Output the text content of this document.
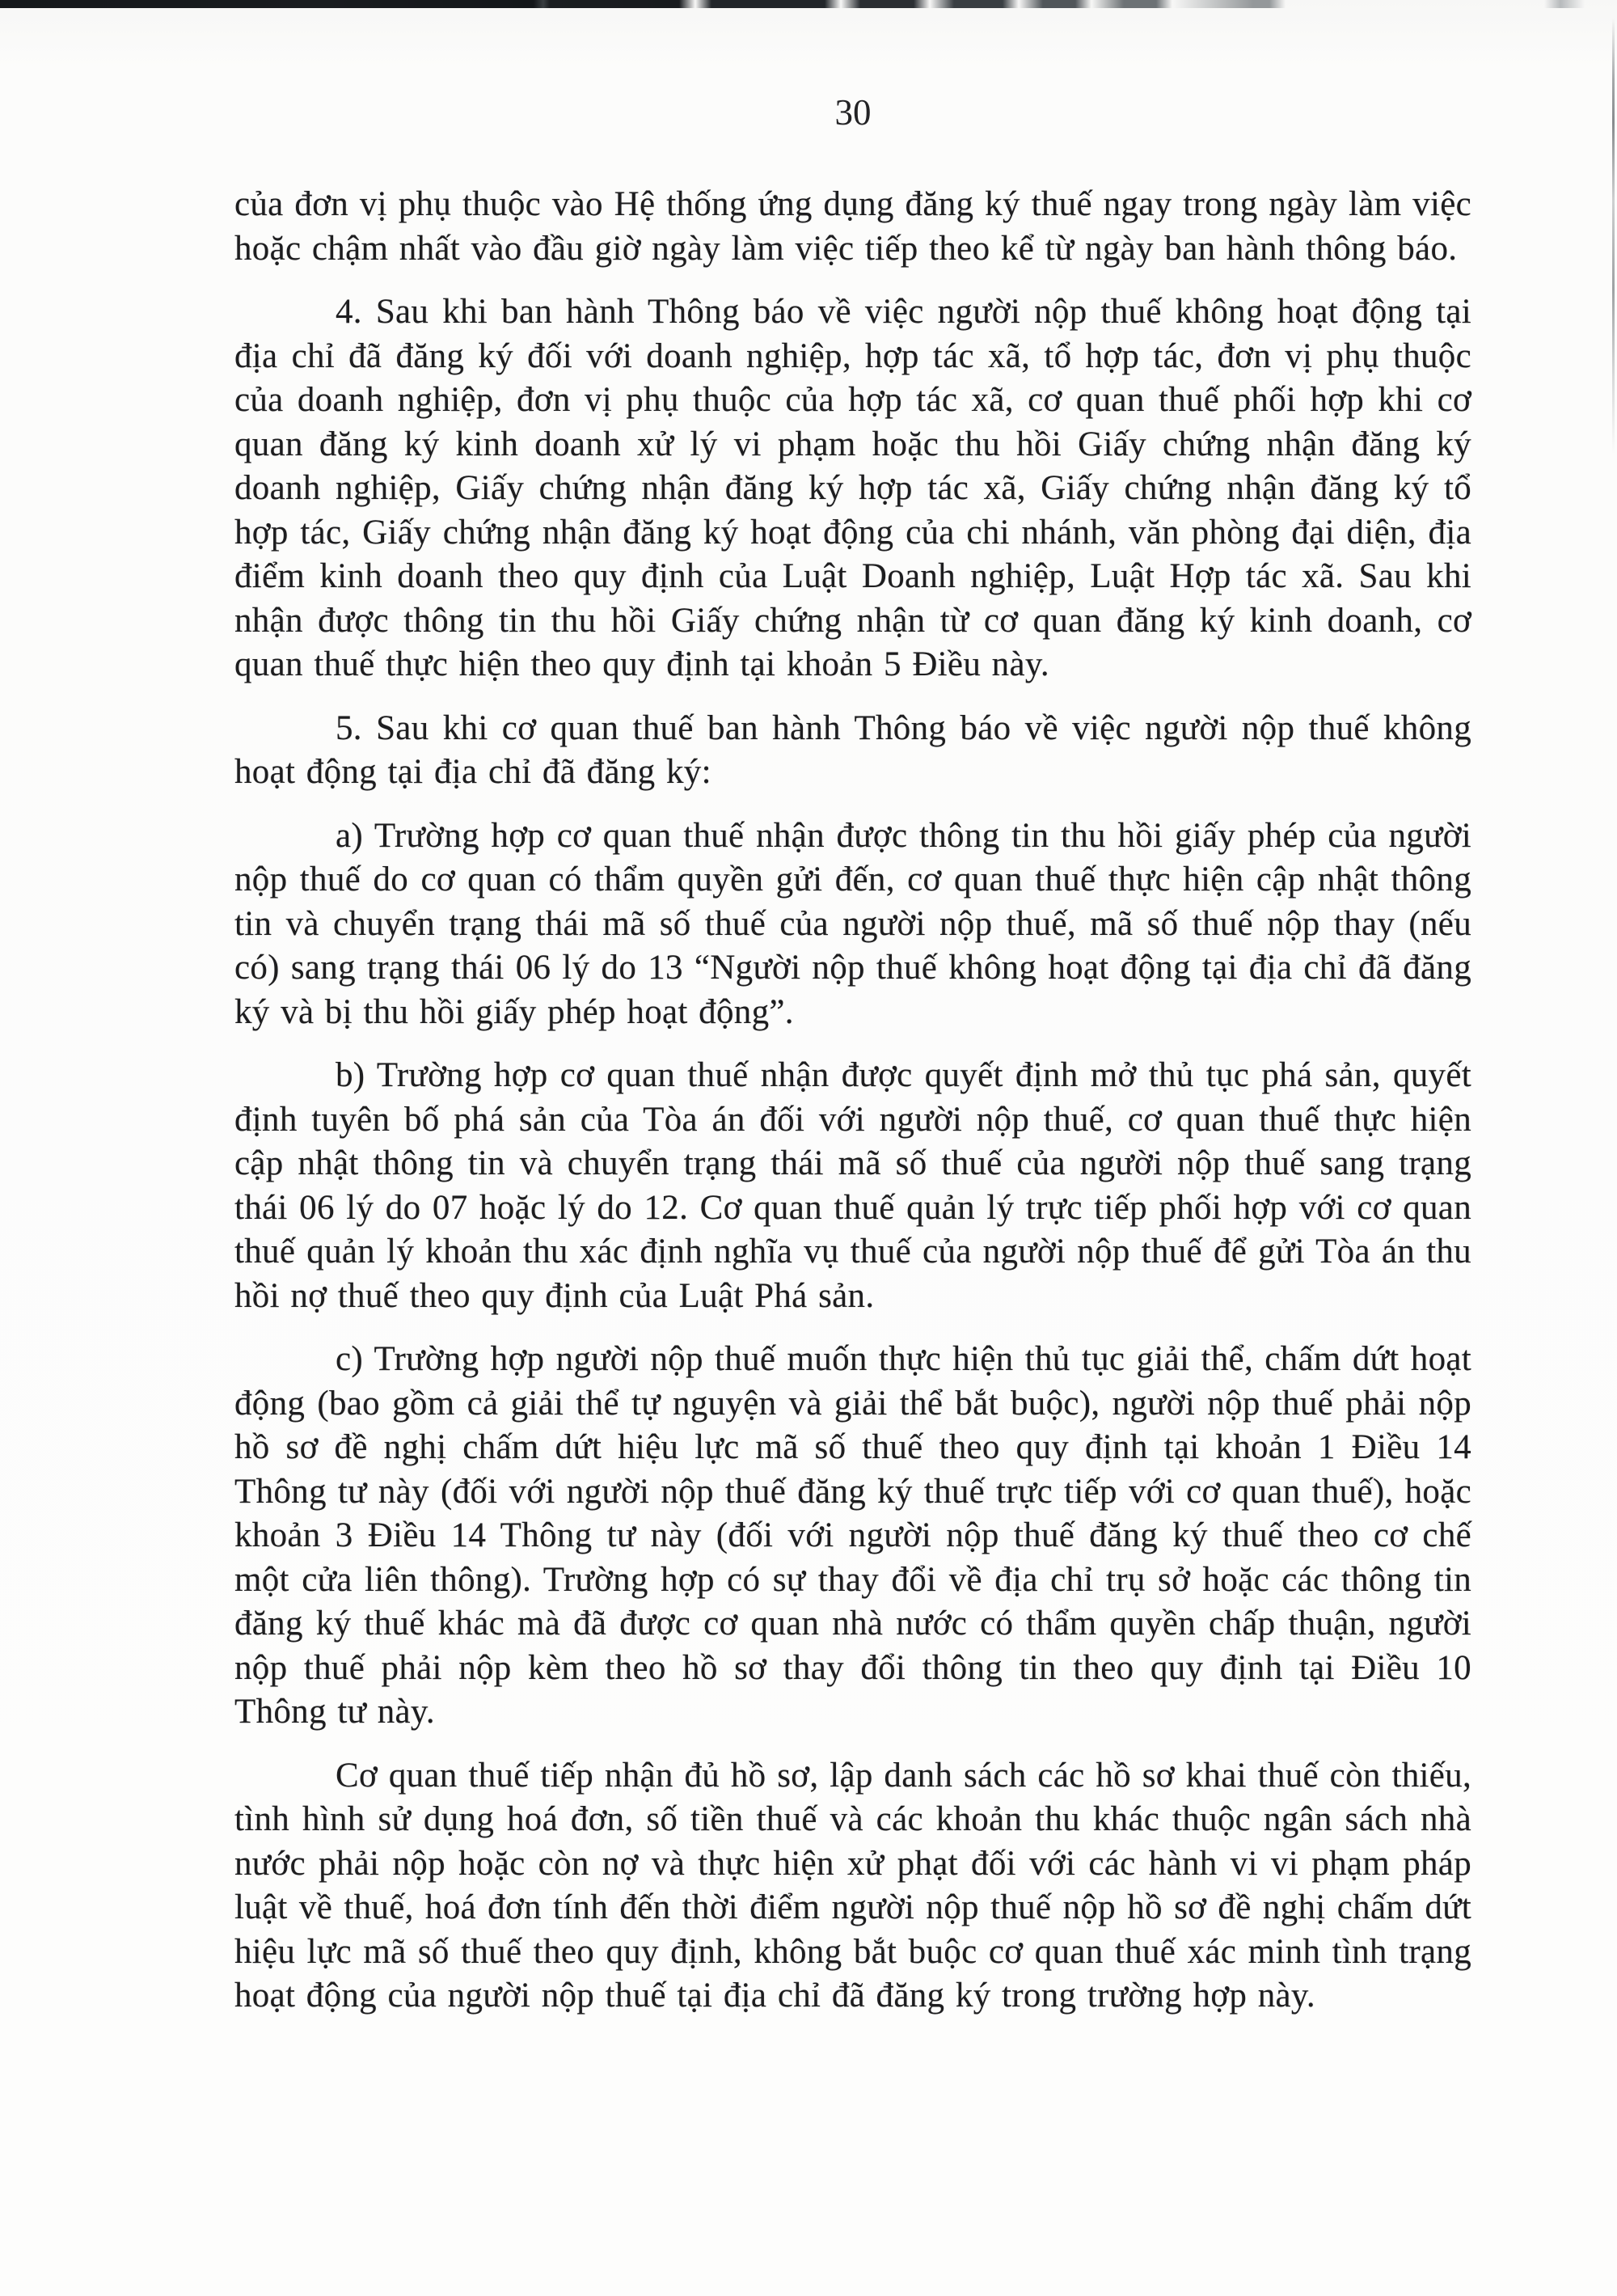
30

của đơn vị phụ thuộc vào Hệ thống ứng dụng đăng ký thuế ngay trong ngày làm việc hoặc chậm nhất vào đầu giờ ngày làm việc tiếp theo kể từ ngày ban hành thông báo.

4. Sau khi ban hành Thông báo về việc người nộp thuế không hoạt động tại địa chỉ đã đăng ký đối với doanh nghiệp, hợp tác xã, tổ hợp tác, đơn vị phụ thuộc của doanh nghiệp, đơn vị phụ thuộc của hợp tác xã, cơ quan thuế phối hợp khi cơ quan đăng ký kinh doanh xử lý vi phạm hoặc thu hồi Giấy chứng nhận đăng ký doanh nghiệp, Giấy chứng nhận đăng ký hợp tác xã, Giấy chứng nhận đăng ký tổ hợp tác, Giấy chứng nhận đăng ký hoạt động của chi nhánh, văn phòng đại diện, địa điểm kinh doanh theo quy định của Luật Doanh nghiệp, Luật Hợp tác xã. Sau khi nhận được thông tin thu hồi Giấy chứng nhận từ cơ quan đăng ký kinh doanh, cơ quan thuế thực hiện theo quy định tại khoản 5 Điều này.

5. Sau khi cơ quan thuế ban hành Thông báo về việc người nộp thuế không hoạt động tại địa chỉ đã đăng ký:

a) Trường hợp cơ quan thuế nhận được thông tin thu hồi giấy phép của người nộp thuế do cơ quan có thẩm quyền gửi đến, cơ quan thuế thực hiện cập nhật thông tin và chuyển trạng thái mã số thuế của người nộp thuế, mã số thuế nộp thay (nếu có) sang trạng thái 06 lý do 13 “Người nộp thuế không hoạt động tại địa chỉ đã đăng ký và bị thu hồi giấy phép hoạt động”.

b) Trường hợp cơ quan thuế nhận được quyết định mở thủ tục phá sản, quyết định tuyên bố phá sản của Tòa án đối với người nộp thuế, cơ quan thuế thực hiện cập nhật thông tin và chuyển trạng thái mã số thuế của người nộp thuế sang trạng thái 06 lý do 07 hoặc lý do 12. Cơ quan thuế quản lý trực tiếp phối hợp với cơ quan thuế quản lý khoản thu xác định nghĩa vụ thuế của người nộp thuế để gửi Tòa án thu hồi nợ thuế theo quy định của Luật Phá sản.

c) Trường hợp người nộp thuế muốn thực hiện thủ tục giải thể, chấm dứt hoạt động (bao gồm cả giải thể tự nguyện và giải thể bắt buộc), người nộp thuế phải nộp hồ sơ đề nghị chấm dứt hiệu lực mã số thuế theo quy định tại khoản 1 Điều 14 Thông tư này (đối với người nộp thuế đăng ký thuế trực tiếp với cơ quan thuế), hoặc khoản 3 Điều 14 Thông tư này (đối với người nộp thuế đăng ký thuế theo cơ chế một cửa liên thông). Trường hợp có sự thay đổi về địa chỉ trụ sở hoặc các thông tin đăng ký thuế khác mà đã được cơ quan nhà nước có thẩm quyền chấp thuận, người nộp thuế phải nộp kèm theo hồ sơ thay đổi thông tin theo quy định tại Điều 10 Thông tư này.

Cơ quan thuế tiếp nhận đủ hồ sơ, lập danh sách các hồ sơ khai thuế còn thiếu, tình hình sử dụng hoá đơn, số tiền thuế và các khoản thu khác thuộc ngân sách nhà nước phải nộp hoặc còn nợ và thực hiện xử phạt đối với các hành vi vi phạm pháp luật về thuế, hoá đơn tính đến thời điểm người nộp thuế nộp hồ sơ đề nghị chấm dứt hiệu lực mã số thuế theo quy định, không bắt buộc cơ quan thuế xác minh tình trạng hoạt động của người nộp thuế tại địa chỉ đã đăng ký trong trường hợp này.
